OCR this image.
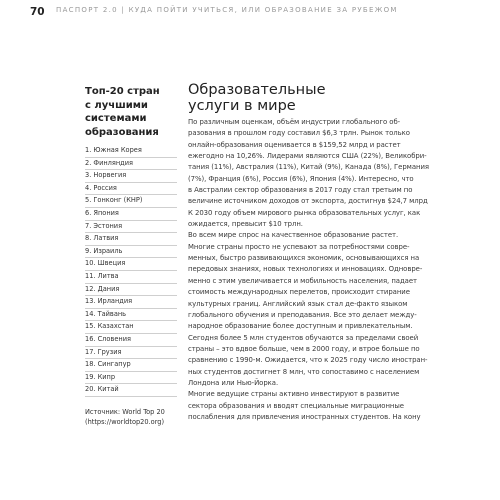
70 ПАСПОРТ 2.0 | КУДА ПОЙТИ УЧИТЬСЯ, ИЛИ ОБРАЗОВАНИЕ ЗА РУБЕЖОМ
Топ-20 стран
с лучшими
системами
образования
1. Южная Корея
2. Финляндия
3. Норвегия
4. Россия
5. Гонконг (КНР)
6. Япония
7. Эстония
8. Латвия
9. Израиль
10. Швеция
11. Литва
12. Дания
13. Ирландия
14. Тайвань
15. Казахстан
16. Словения
17. Грузия
18. Сингапур
19. Кипр
20. Китай
Источник: World Top 20
(https://worldtop20.org)
Образовательные
услуги в мире
По различным оценкам, объём индустрии глобального об-
разования в прошлом году составил $6,3 трлн. Рынок только
онлайн-образования оценивается в $159,52 млрд и растет
ежегодно на 10,26%. Лидерами являются США (22%), Великобри-
тания (11%), Австралия (11%), Китай (9%), Канада (8%), Германия
(7%), Франция (6%), Россия (6%), Япония (4%). Интересно, что
в Австралии сектор образования в 2017 году стал третьим по
величине источником доходов от экспорта, достигнув $24,7 млрд
К 2030 году объем мирового рынка образовательных услуг, как
ожидается, превысит $10 трлн.
Во всем мире спрос на качественное образование растет.
Многие страны просто не успевают за потребностями совре-
менных, быстро развивающихся экономик, основывающихся на
передовых знаниях, новых технологиях и инновациях. Одновре-
менно с этим увеличивается и мобильность населения, падает
стоимость международных перелетов, происходит стирание
культурных границ. Английский язык стал де-факто языком
глобального обучения и преподавания. Все это делает между-
народное образование более доступным и привлекательным.
Сегодня более 5 млн студентов обучаются за пределами своей
страны – это вдвое больше, чем в 2000 году, и втрое больше по
сравнению с 1990-м. Ожидается, что к 2025 году число иностран-
ных студентов достигнет 8 млн, что сопоставимо с населением
Лондона или Нью-Йорка.
Многие ведущие страны активно инвестируют в развитие
сектора образования и вводят специальные миграционные
послабления для привлечения иностранных студентов. На кону
